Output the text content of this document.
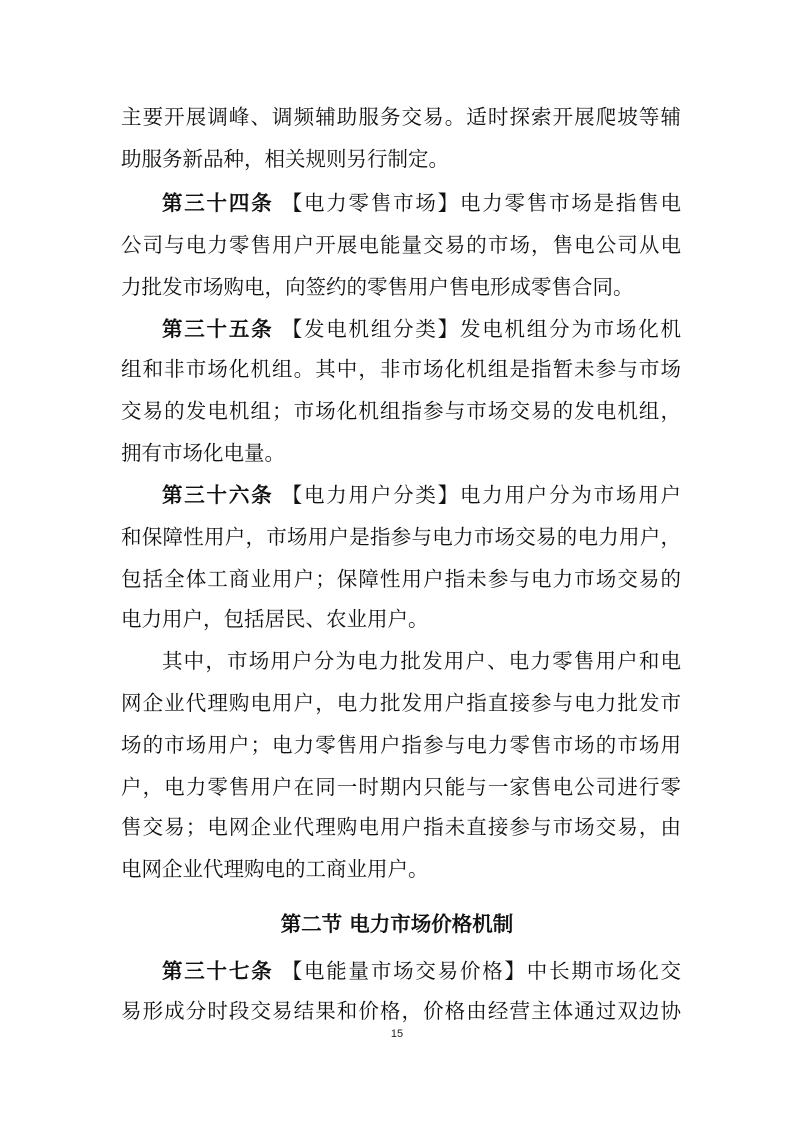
主要开展调峰、调频辅助服务交易。适时探索开展爬坡等辅
助服务新品种，相关规则另行制定。
第三十四条 【电力零售市场】电力零售市场是指售电
公司与电力零售用户开展电能量交易的市场，售电公司从电
力批发市场购电，向签约的零售用户售电形成零售合同。
第三十五条 【发电机组分类】发电机组分为市场化机
组和非市场化机组。其中，非市场化机组是指暂未参与市场
交易的发电机组；市场化机组指参与市场交易的发电机组，
拥有市场化电量。
第三十六条 【电力用户分类】电力用户分为市场用户
和保障性用户，市场用户是指参与电力市场交易的电力用户，
包括全体工商业用户；保障性用户指未参与电力市场交易的
电力用户，包括居民、农业用户。
其中，市场用户分为电力批发用户、电力零售用户和电
网企业代理购电用户，电力批发用户指直接参与电力批发市
场的市场用户；电力零售用户指参与电力零售市场的市场用
户，电力零售用户在同一时期内只能与一家售电公司进行零
售交易；电网企业代理购电用户指未直接参与市场交易，由
电网企业代理购电的工商业用户。
第二节 电力市场价格机制
第三十七条 【电能量市场交易价格】中长期市场化交
易形成分时段交易结果和价格，价格由经营主体通过双边协
15
